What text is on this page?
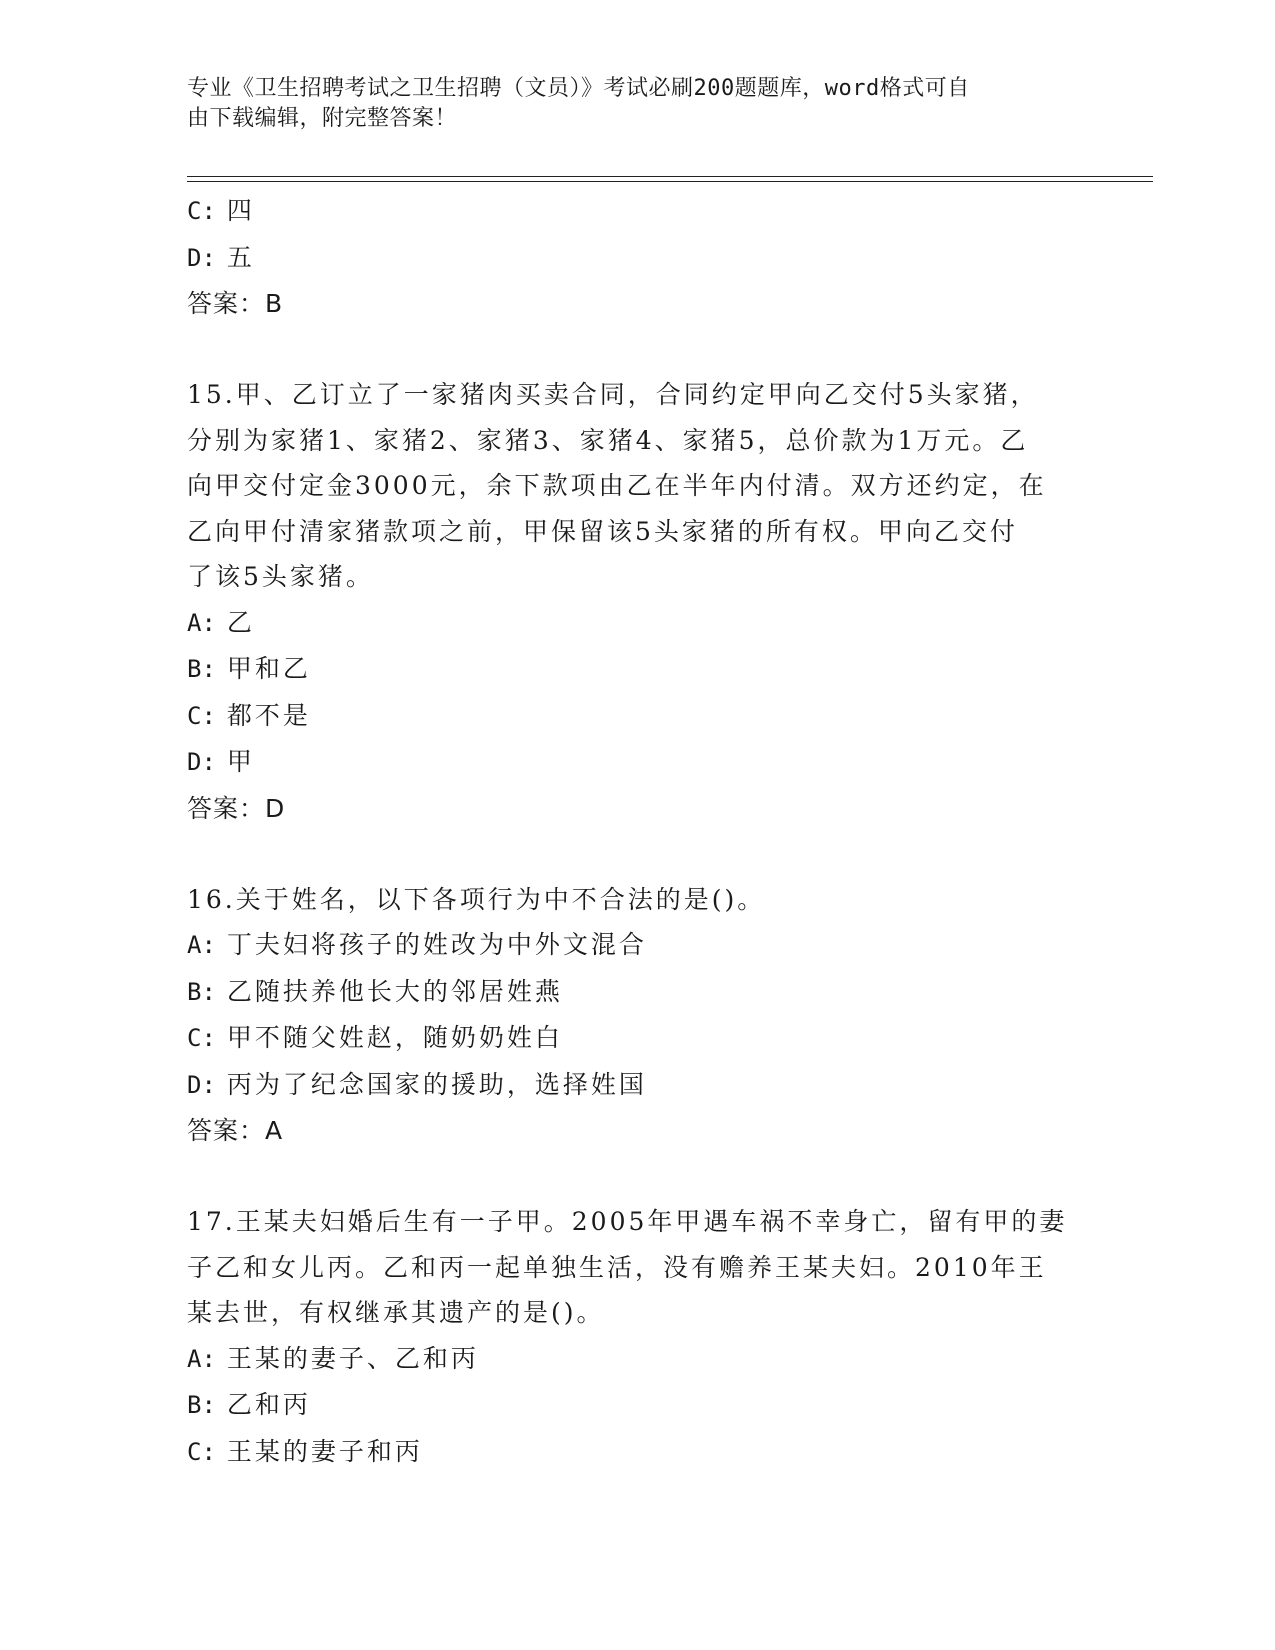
专业《卫生招聘考试之卫生招聘（文员）》考试必刷200题题库，word格式可自
由下载编辑，附完整答案！
C: 四
D: 五
答案：B
15.甲、乙订立了一家猪肉买卖合同，合同约定甲向乙交付5头家猪，
分别为家猪1、家猪2、家猪3、家猪4、家猪5，总价款为1万元。乙
向甲交付定金3000元，余下款项由乙在半年内付清。双方还约定，在
乙向甲付清家猪款项之前，甲保留该5头家猪的所有权。甲向乙交付
了该5头家猪。
A: 乙
B: 甲和乙
C: 都不是
D: 甲
答案：D
16.关于姓名，以下各项行为中不合法的是()。
A: 丁夫妇将孩子的姓改为中外文混合
B: 乙随扶养他长大的邻居姓燕
C: 甲不随父姓赵，随奶奶姓白
D: 丙为了纪念国家的援助，选择姓国
答案：A
17.王某夫妇婚后生有一子甲。2005年甲遇车祸不幸身亡，留有甲的妻
子乙和女儿丙。乙和丙一起单独生活，没有赡养王某夫妇。2010年王
某去世，有权继承其遗产的是()。
A: 王某的妻子、乙和丙
B: 乙和丙
C: 王某的妻子和丙
